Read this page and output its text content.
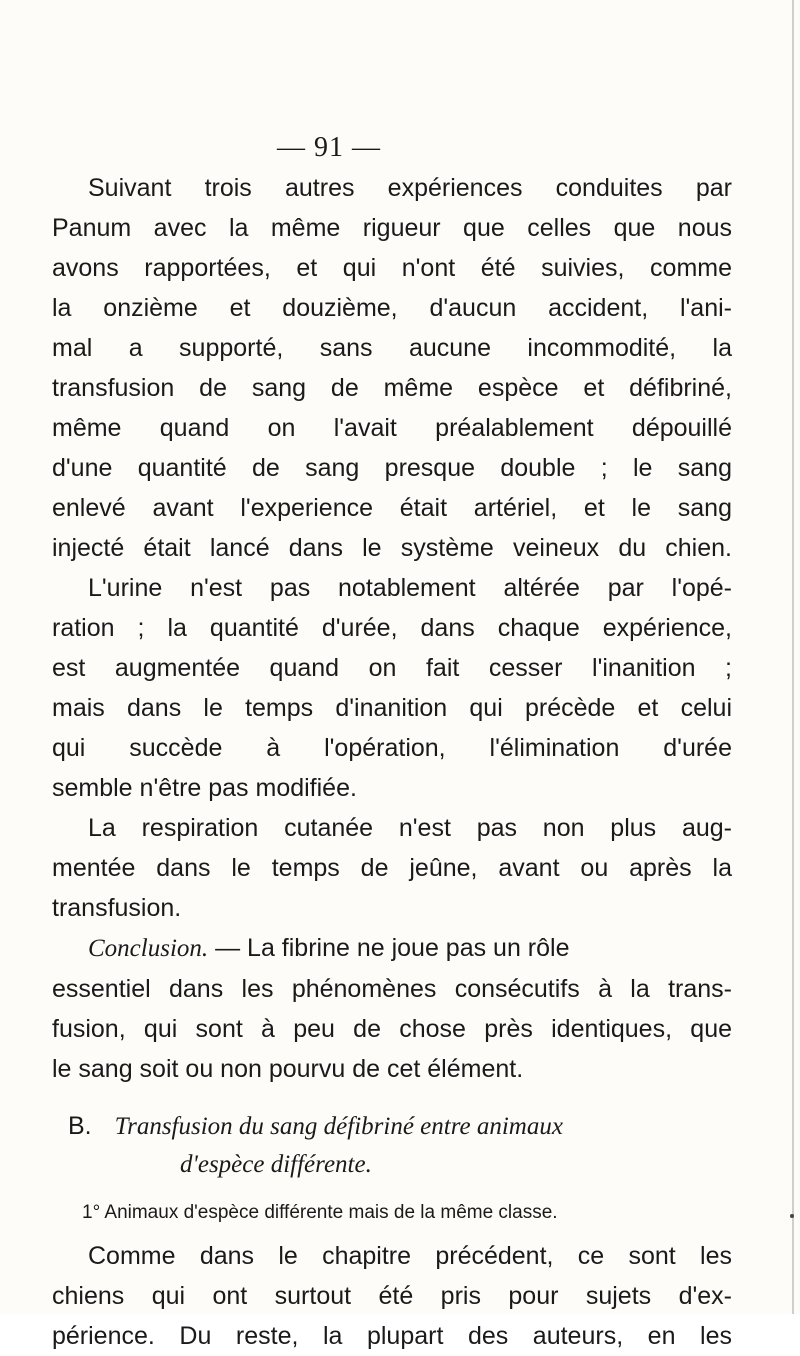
— 91 —
Suivant trois autres expériences conduites par
Panum avec la même rigueur que celles que nous
avons rapportées, et qui n'ont été suivies, comme
la onzième et douzième, d'aucun accident, l'ani-
mal a supporté, sans aucune incommodité, la
transfusion de sang de même espèce et défibriné,
même quand on l'avait préalablement dépouillé
d'une quantité de sang presque double ; le sang
enlevé avant l'experience était artériel, et le sang
injecté était lancé dans le système veineux du chien.
L'urine n'est pas notablement altérée par l'opé-
ration ; la quantité d'urée, dans chaque expérience,
est augmentée quand on fait cesser l'inanition ;
mais dans le temps d'inanition qui précède et celui
qui succède à l'opération, l'élimination d'urée
semble n'être pas modifiée.
La respiration cutanée n'est pas non plus aug-
mentée dans le temps de jeûne, avant ou après la
transfusion.
Conclusion. — La fibrine ne joue pas un rôle
essentiel dans les phénomènes consécutifs à la trans-
fusion, qui sont à peu de chose près identiques, que
le sang soit ou non pourvu de cet élément.
B. Transfusion du sang défibriné entre animaux
d'espèce différente.
1° Animaux d'espèce différente mais de la même classe.
Comme dans le chapitre précédent, ce sont les
chiens qui ont surtout été pris pour sujets d'ex-
périence. Du reste, la plupart des auteurs, en les
